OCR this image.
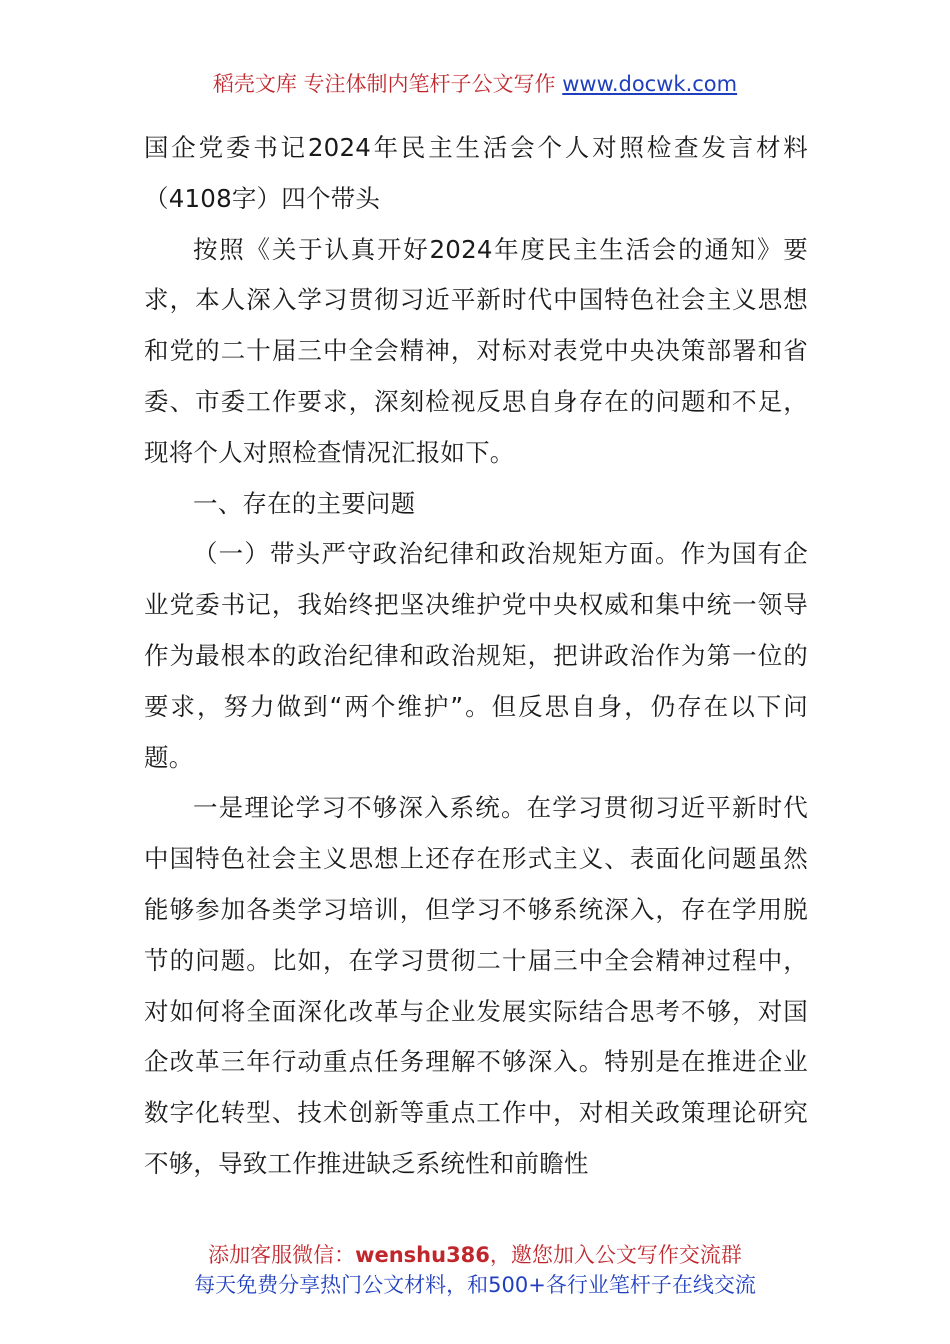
稻壳文库 专注体制内笔杆子公文写作 www.docwk.com

国企党委书记2024年民主生活会个人对照检查发言材料（4108字）四个带头

按照《关于认真开好2024年度民主生活会的通知》要求，本人深入学习贯彻习近平新时代中国特色社会主义思想和党的二十届三中全会精神，对标对表党中央决策部署和省委、市委工作要求，深刻检视反思自身存在的问题和不足，现将个人对照检查情况汇报如下。

一、存在的主要问题

（一）带头严守政治纪律和政治规矩方面。作为国有企业党委书记，我始终把坚决维护党中央权威和集中统一领导作为最根本的政治纪律和政治规矩，把讲政治作为第一位的要求，努力做到“两个维护”。但反思自身，仍存在以下问题。

一是理论学习不够深入系统。在学习贯彻习近平新时代中国特色社会主义思想上还存在形式主义、表面化问题虽然能够参加各类学习培训，但学习不够系统深入，存在学用脱节的问题。比如，在学习贯彻二十届三中全会精神过程中，对如何将全面深化改革与企业发展实际结合思考不够，对国企改革三年行动重点任务理解不够深入。特别是在推进企业数字化转型、技术创新等重点工作中，对相关政策理论研究不够，导致工作推进缺乏系统性和前瞻性

添加客服微信：wenshu386，邀您加入公文写作交流群
每天免费分享热门公文材料，和500+各行业笔杆子在线交流
